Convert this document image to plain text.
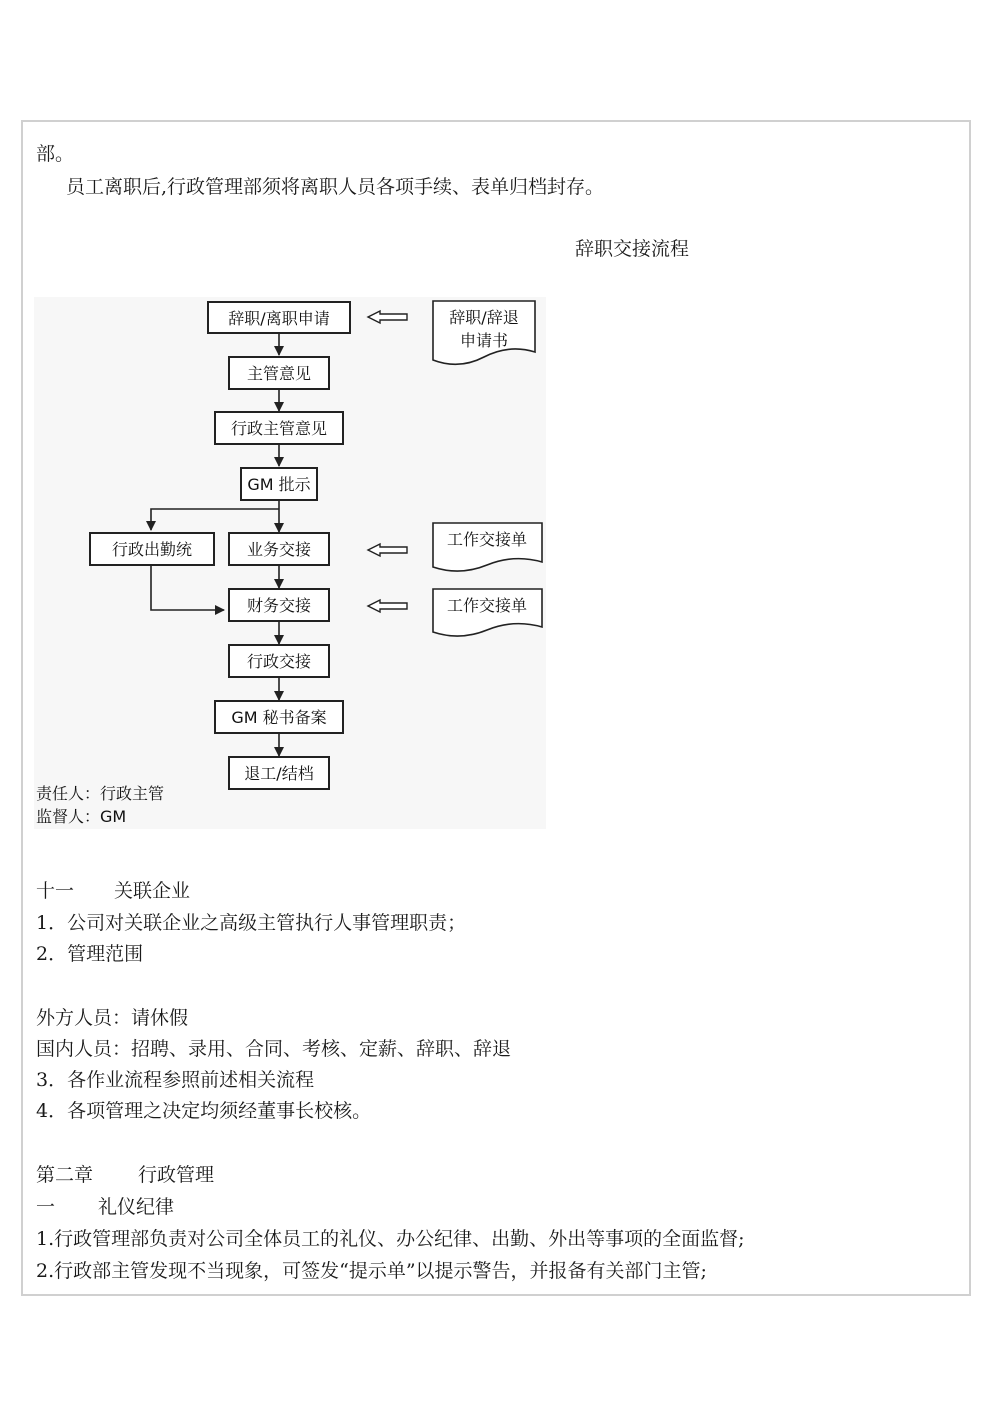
部。
员工离职后,行政管理部须将离职人员各项手续、表单归档封存。
辞职交接流程
辞职/离职申请
主管意见
行政主管意见
GM 批示
业务交接
财务交接
行政交接
GM 秘书备案
退工/结档
行政出勤统
辞职/辞退
申请书
工作交接单
工作交接单
责任人：行政主管
监督人：GM
十一 关联企业
1．公司对关联企业之高级主管执行人事管理职责；
2．管理范围
外方人员：请休假
国内人员：招聘、录用、合同、考核、定薪、辞职、辞退
3．各作业流程参照前述相关流程
4．各项管理之决定均须经董事长校核。
第二章 行政管理
一 礼仪纪律
1.行政管理部负责对公司全体员工的礼仪、办公纪律、出勤、外出等事项的全面监督;
2.行政部主管发现不当现象，可签发“提示单”以提示警告，并报备有关部门主管;
